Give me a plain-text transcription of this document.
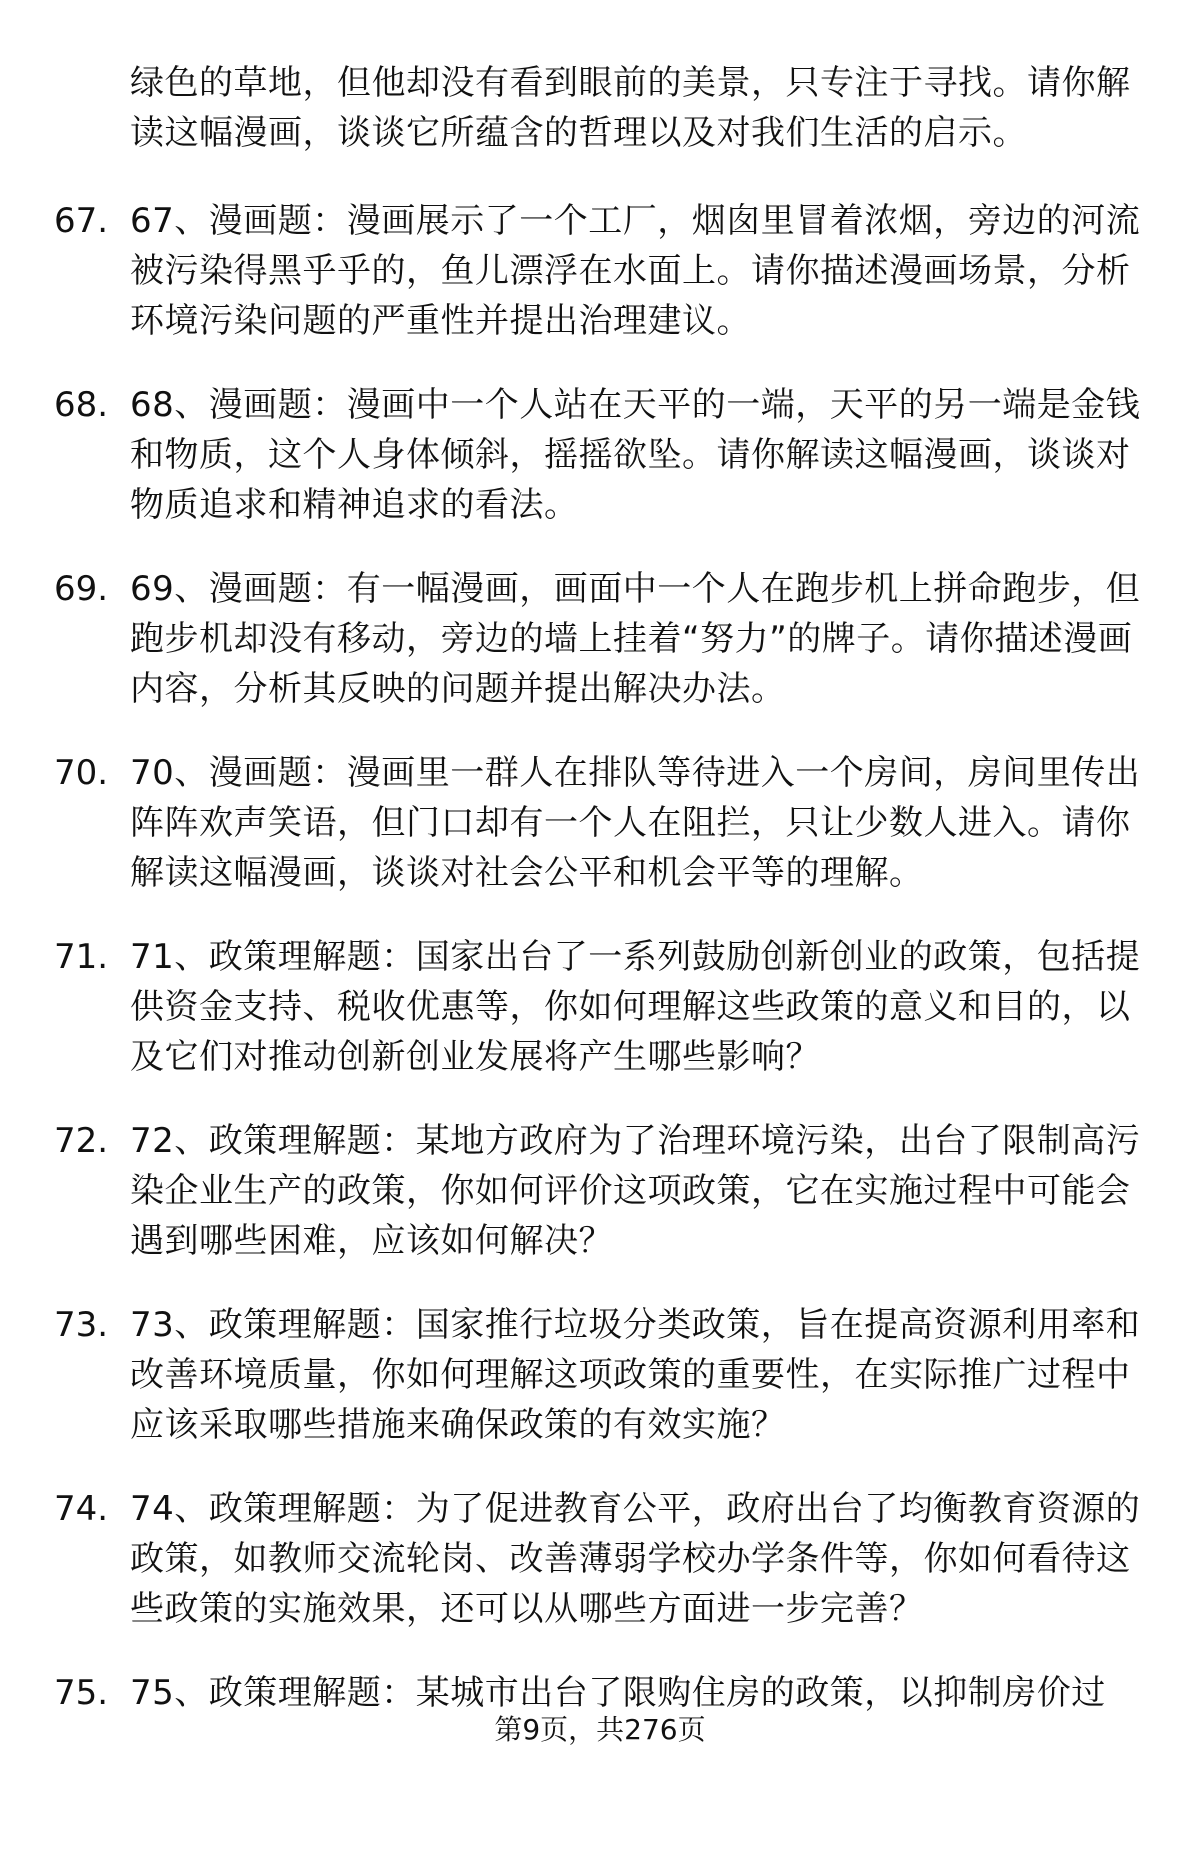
绿色的草地，但他却没有看到眼前的美景，只专注于寻找。请你解读这幅漫画，谈谈它所蕴含的哲理以及对我们生活的启示。
67. 67、漫画题：漫画展示了一个工厂，烟囱里冒着浓烟，旁边的河流被污染得黑乎乎的，鱼儿漂浮在水面上。请你描述漫画场景，分析环境污染问题的严重性并提出治理建议。
68. 68、漫画题：漫画中一个人站在天平的一端，天平的另一端是金钱和物质，这个人身体倾斜，摇摇欲坠。请你解读这幅漫画，谈谈对物质追求和精神追求的看法。
69. 69、漫画题：有一幅漫画，画面中一个人在跑步机上拼命跑步，但跑步机却没有移动，旁边的墙上挂着“努力”的牌子。请你描述漫画内容，分析其反映的问题并提出解决办法。
70. 70、漫画题：漫画里一群人在排队等待进入一个房间，房间里传出阵阵欢声笑语，但门口却有一个人在阻拦，只让少数人进入。请你解读这幅漫画，谈谈对社会公平和机会平等的理解。
71. 71、政策理解题：国家出台了一系列鼓励创新创业的政策，包括提供资金支持、税收优惠等，你如何理解这些政策的意义和目的，以及它们对推动创新创业发展将产生哪些影响？
72. 72、政策理解题：某地方政府为了治理环境污染，出台了限制高污染企业生产的政策，你如何评价这项政策，它在实施过程中可能会遇到哪些困难，应该如何解决？
73. 73、政策理解题：国家推行垃圾分类政策，旨在提高资源利用率和改善环境质量，你如何理解这项政策的重要性，在实际推广过程中应该采取哪些措施来确保政策的有效实施？
74. 74、政策理解题：为了促进教育公平，政府出台了均衡教育资源的政策，如教师交流轮岗、改善薄弱学校办学条件等，你如何看待这些政策的实施效果，还可以从哪些方面进一步完善？
75. 75、政策理解题：某城市出台了限购住房的政策，以抑制房价过
第9页，共276页
